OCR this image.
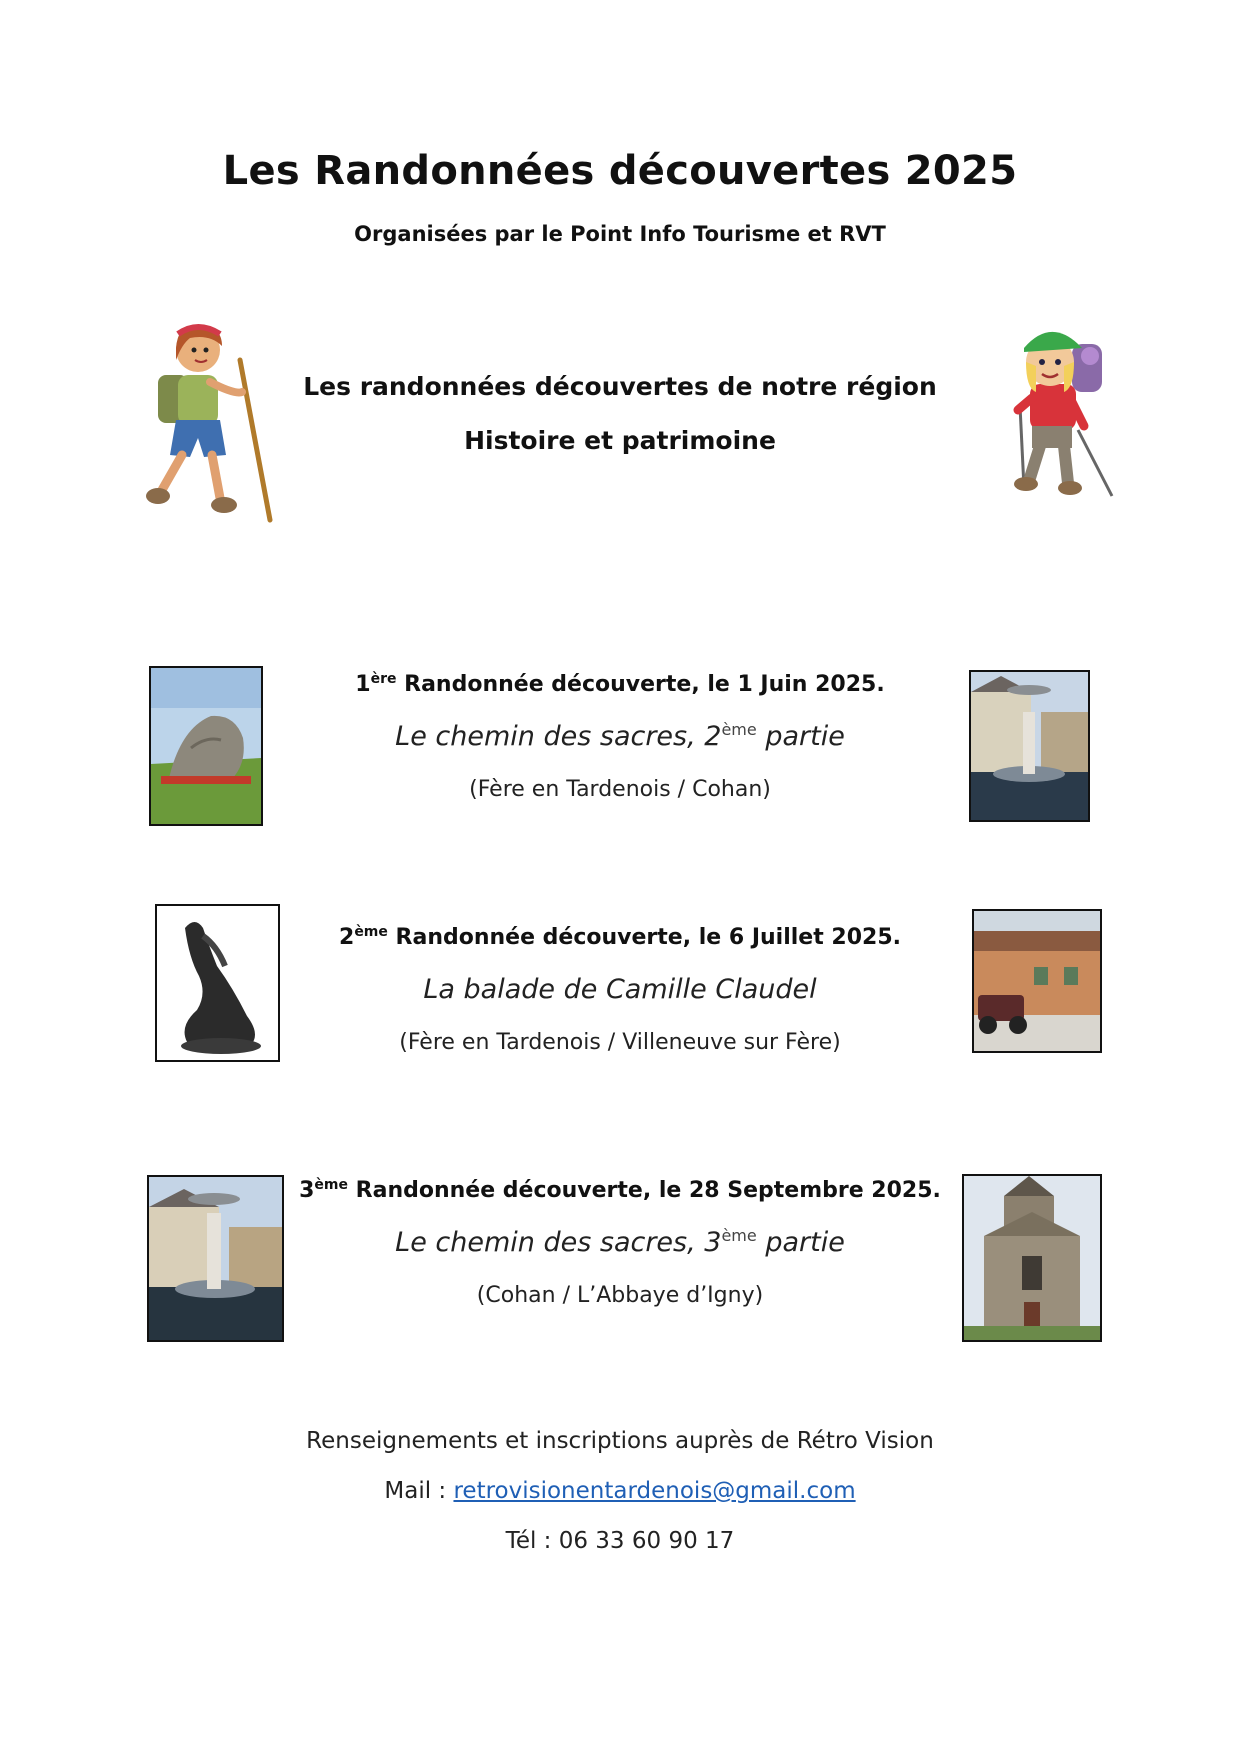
Les Randonnées découvertes 2025
Organisées par le Point Info Tourisme et RVT
Les randonnées découvertes de notre région
Histoire et patrimoine
1ère Randonnée découverte, le 1 Juin 2025.
Le chemin des sacres, 2ème partie
(Fère en Tardenois / Cohan)
2ème Randonnée découverte, le 6 Juillet 2025.
La balade de Camille Claudel
(Fère en Tardenois / Villeneuve sur Fère)
3ème Randonnée découverte, le 28 Septembre 2025.
Le chemin des sacres, 3ème partie
(Cohan / L’Abbaye d’Igny)
Renseignements et inscriptions auprès de Rétro Vision
Mail : retrovisionentardenois@gmail.com
Tél : 06 33 60 90 17
